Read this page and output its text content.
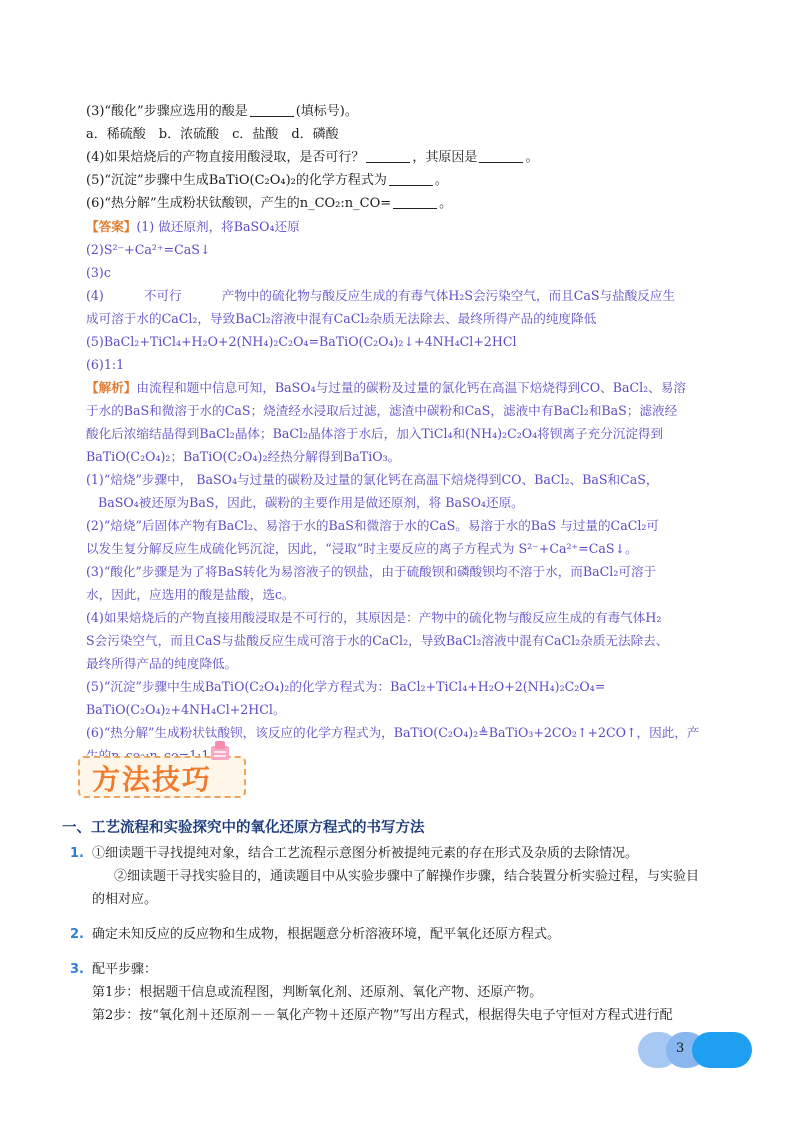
(3)“酸化”步骤应选用的酸是	(填标号)。
a．稀硫酸　b．浓硫酸　c．盐酸　d．磷酸
(4)如果焙烧后的产物直接用酸浸取，是否可行？	，其原因是	。
(5)“沉淀”步骤中生成BaTiO(C₂O₄)₂的化学方程式为	。
(6)“热分解”生成粉状钛酸钡，产生的n_CO₂:n_CO=	。

【答案】(1) 做还原剂，将BaSO₄还原

(2)S²⁻+Ca²⁺=CaS↓

(3)c

(4)	不可行	产物中的硫化物与酸反应生成的有毒气体H₂S会污染空气，而且CaS与盐酸反应生

成可溶于水的CaCl₂，导致BaCl₂溶液中混有CaCl₂杂质无法除去、最终所得产品的纯度降低

(5)BaCl₂+TiCl₄+H₂O+2(NH₄)₂C₂O₄=BaTiO(C₂O₄)₂↓+4NH₄Cl+2HCl

(6)1:1

【解析】由流程和题中信息可知，BaSO₄与过量的碳粉及过量的氯化钙在高温下焙烧得到CO、BaCl₂、易溶

于水的BaS和微溶于水的CaS；烧渣经水浸取后过滤，滤渣中碳粉和CaS，滤液中有BaCl₂和BaS；滤液经

酸化后浓缩结晶得到BaCl₂晶体；BaCl₂晶体溶于水后，加入TiCl₄和(NH₄)₂C₂O₄将钡离子充分沉淀得到

BaTiO(C₂O₄)₂；BaTiO(C₂O₄)₂经热分解得到BaTiO₃。

(1)“焙烧”步骤中， BaSO₄与过量的碳粉及过量的氯化钙在高温下焙烧得到CO、BaCl₂、BaS和CaS，

BaSO₄被还原为BaS，因此，碳粉的主要作用是做还原剂，将 BaSO₄还原。

(2)“焙烧”后固体产物有BaCl₂、易溶于水的BaS和微溶于水的CaS。易溶于水的BaS 与过量的CaCl₂可

以发生复分解反应生成硫化钙沉淀，因此，“浸取”时主要反应的离子方程式为 S²⁻+Ca²⁺=CaS↓。

(3)“酸化”步骤是为了将BaS转化为易溶液子的钡盐，由于硫酸钡和磷酸钡均不溶于水，而BaCl₂可溶于

水，因此，应选用的酸是盐酸，选c。

(4)如果焙烧后的产物直接用酸浸取是不可行的，其原因是：产物中的硫化物与酸反应生成的有毒气体H₂

S会污染空气，而且CaS与盐酸反应生成可溶于水的CaCl₂，导致BaCl₂溶液中混有CaCl₂杂质无法除去、

最终所得产品的纯度降低。

(5)“沉淀”步骤中生成BaTiO(C₂O₄)₂的化学方程式为：BaCl₂+TiCl₄+H₂O+2(NH₄)₂C₂O₄=

BaTiO(C₂O₄)₂+4NH₄Cl+2HCl。

(6)“热分解”生成粉状钛酸钡，该反应的化学方程式为，BaTiO(C₂O₄)₂≜BaTiO₃+2CO₂↑+2CO↑，因此，产

方法技巧
一、工艺流程和实验探究中的氧化还原方程式的书写方法
1. ①细读题干寻找提纯对象，结合工艺流程示意图分析被提纯元素的存在形式及杂质的去除情况。
②细读题干寻找实验目的，通读题目中从实验步骤中了解操作步骤，结合装置分析实验过程，与实验目
的相对应。
2. 确定未知反应的反应物和生成物，根据题意分析溶液环境，配平氧化还原方程式。
3. 配平步骤：
第1步：根据题干信息或流程图，判断氧化剂、还原剂、氧化产物、还原产物。
第2步：按“氧化剂＋还原剂－－氧化产物＋还原产物”写出方程式，根据得失电子守恒对方程式进行配
3
